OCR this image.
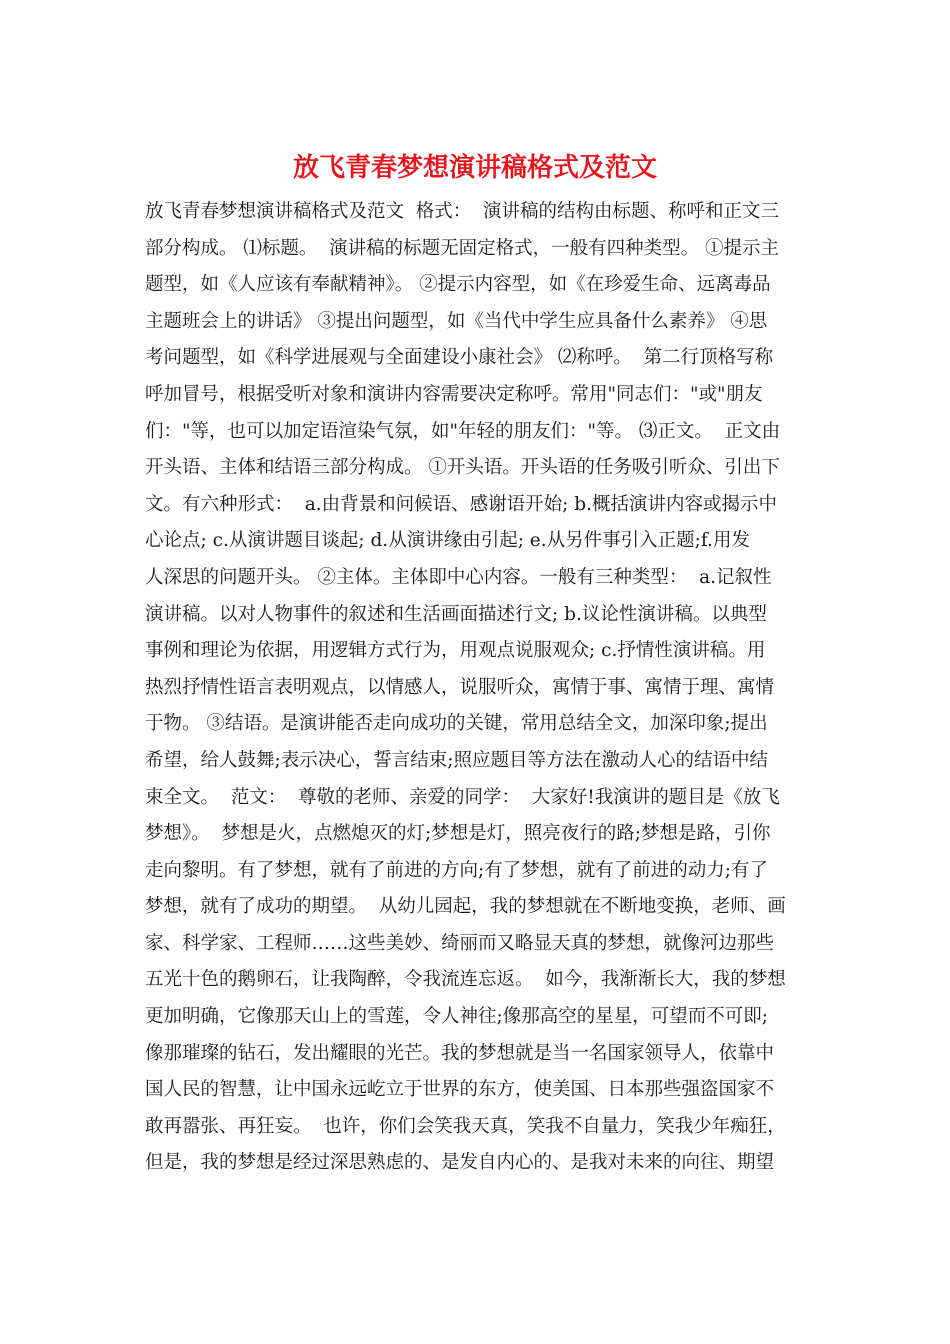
放飞青春梦想演讲稿格式及范文
放飞青春梦想演讲稿格式及范文  格式：  演讲稿的结构由标题、称呼和正文三
部分构成。 ⑴标题。  演讲稿的标题无固定格式，一般有四种类型。 ①提示主
题型，如《人应该有奉献精神》。 ②提示内容型，如《在珍爱生命、远离毒品
主题班会上的讲话》 ③提出问题型，如《当代中学生应具备什么素养》 ④思
考问题型，如《科学进展观与全面建设小康社会》 ⑵称呼。  第二行顶格写称
呼加冒号，根据受听对象和演讲内容需要决定称呼。常用"同志们："或"朋友
们："等，也可以加定语渲染气氛，如"年轻的朋友们："等。 ⑶正文。  正文由
开头语、主体和结语三部分构成。 ①开头语。开头语的任务吸引听众、引出下
文。有六种形式：  a.由背景和问候语、感谢语开始; b.概括演讲内容或揭示中
心论点; c.从演讲题目谈起; d.从演讲缘由引起; e.从另件事引入正题;f.用发
人深思的问题开头。 ②主体。主体即中心内容。一般有三种类型：  a.记叙性
演讲稿。以对人物事件的叙述和生活画面描述行文; b.议论性演讲稿。以典型
事例和理论为依据，用逻辑方式行为，用观点说服观众; c.抒情性演讲稿。用
热烈抒情性语言表明观点，以情感人，说服听众，寓情于事、寓情于理、寓情
于物。 ③结语。是演讲能否走向成功的关键，常用总结全文，加深印象;提出
希望，给人鼓舞;表示决心，誓言结束;照应题目等方法在激动人心的结语中结
束全文。  范文：  尊敬的老师、亲爱的同学：  大家好!我演讲的题目是《放飞
梦想》。  梦想是火，点燃熄灭的灯;梦想是灯，照亮夜行的路;梦想是路，引你
走向黎明。有了梦想，就有了前进的方向;有了梦想，就有了前进的动力;有了
梦想，就有了成功的期望。  从幼儿园起，我的梦想就在不断地变换，老师、画
家、科学家、工程师……这些美妙、绮丽而又略显天真的梦想，就像河边那些
五光十色的鹅卵石，让我陶醉，令我流连忘返。  如今，我渐渐长大，我的梦想
更加明确，它像那天山上的雪莲，令人神往;像那高空的星星，可望而不可即;
像那璀璨的钻石，发出耀眼的光芒。我的梦想就是当一名国家领导人，依靠中
国人民的智慧，让中国永远屹立于世界的东方，使美国、日本那些强盗国家不
敢再嚣张、再狂妄。  也许，你们会笑我天真，笑我不自量力，笑我少年痴狂，
但是，我的梦想是经过深思熟虑的、是发自内心的、是我对未来的向往、期望
